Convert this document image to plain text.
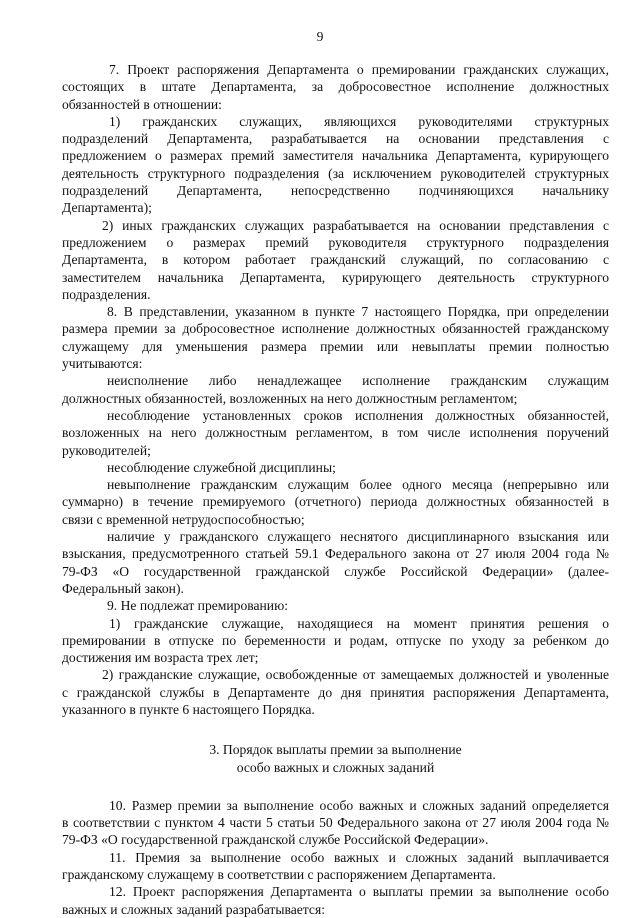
9
7. Проект распоряжения Департамента о премировании гражданских служащих,
состоящих в штате Департамента, за добросовестное исполнение должностных
обязанностей в отношении:
1) гражданских служащих, являющихся руководителями структурных
подразделений Департамента, разрабатывается на основании представления с
предложением о размерах премий заместителя начальника Департамента, курирующего
деятельность структурного подразделения (за исключением руководителей структурных
подразделений Департамента, непосредственно подчиняющихся начальнику
Департамента);
2) иных гражданских служащих разрабатывается на основании представления с
предложением о размерах премий руководителя структурного подразделения
Департамента, в котором работает гражданский служащий, по согласованию с
заместителем начальника Департамента, курирующего деятельность структурного
подразделения.
8. В представлении, указанном в пункте 7 настоящего Порядка, при определении
размера премии за добросовестное исполнение должностных обязанностей гражданскому
служащему для уменьшения размера премии или невыплаты премии полностью
учитываются:
неисполнение либо ненадлежащее исполнение гражданским служащим
должностных обязанностей, возложенных на него должностным регламентом;
несоблюдение установленных сроков исполнения должностных обязанностей,
возложенных на него должностным регламентом, в том числе исполнения поручений
руководителей;
несоблюдение служебной дисциплины;
невыполнение гражданским служащим более одного месяца (непрерывно или
суммарно) в течение премируемого (отчетного) периода должностных обязанностей в
связи с временной нетрудоспособностью;
наличие у гражданского служащего неснятого дисциплинарного взыскания или
взыскания, предусмотренного статьей 59.1 Федерального закона от 27 июля 2004 года №
79-ФЗ «О государственной гражданской службе Российской Федерации» (далее-
Федеральный закон).
9. Не подлежат премированию:
1) гражданские служащие, находящиеся на момент принятия решения о
премировании в отпуске по беременности и родам, отпуске по уходу за ребенком до
достижения им возраста трех лет;
2) гражданские служащие, освобожденные от замещаемых должностей и уволенные
с гражданской службы в Департаменте до дня принятия распоряжения Департамента,
указанного в пункте 6 настоящего Порядка.
3. Порядок выплаты премии за выполнение
особо важных и сложных заданий
10. Размер премии за выполнение особо важных и сложных заданий определяется
в соответствии с пунктом 4 части 5 статьи 50 Федерального закона от 27 июля 2004 года №
79-ФЗ «О государственной гражданской службе Российской Федерации».
11. Премия за выполнение особо важных и сложных заданий выплачивается
гражданскому служащему в соответствии с распоряжением Департамента.
12. Проект распоряжения Департамента о выплаты премии за выполнение особо
важных и сложных заданий разрабатывается:
